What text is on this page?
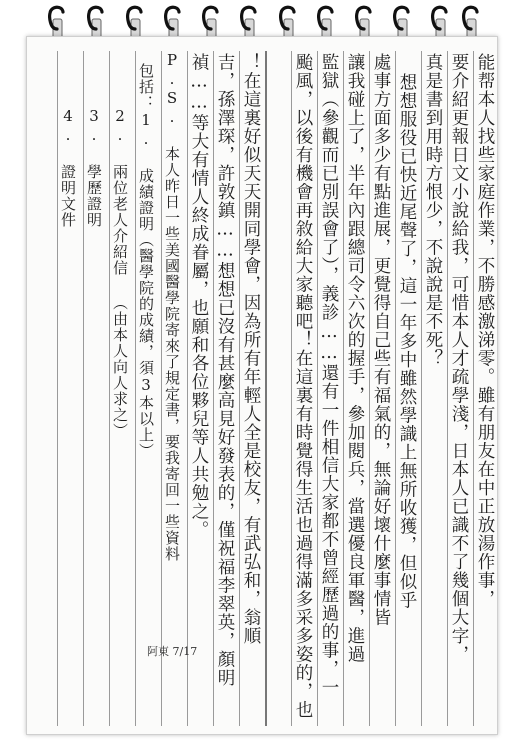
能帮本人找些家庭作業，不勝感激涕零。雖有朋友在中正放湯作事，
要介紹更報日文小說給我，可惜本人才疏學淺，日本人已識不了幾個大字，
真是書到用時方恨少，不說說是不死？
想想服役已快近尾聲了，這一年多中雖然學識上無所收獲，但似乎
處事方面多少有點進展，更覺得自己些有福氣的，無論好壞什麼事情皆
讓我碰上了，半年內跟總司令六次的握手，參加閱兵，當選優良軍醫，進過
監獄（參觀而已別誤會了），義診……還有一件相信大家都不曾經歷過的事，一
颱風，以後有機會再敘給大家聽吧！在這裏有時覺得生活也過得滿多采多姿的，也
！在這裏好似天天開同學會，因為所有年輕人全是校友，有武弘和，翁順
吉，孫澤琛，許敦鎮……想想已沒有甚麼高見好發表的，僅祝福李翠英，顏明
禎……等大有情人終成眷屬，也願和各位夥兒等人共勉之。
P.S. 本人昨日一些美國醫學院寄來了規定書，要我寄回一些資料
包括：1. 成績證明（醫學院的成績，須3本以上）
2. 兩位老人介紹信 （由本人向人求之）
3. 學歷證明
4. 證明文件
阿東 7/17
